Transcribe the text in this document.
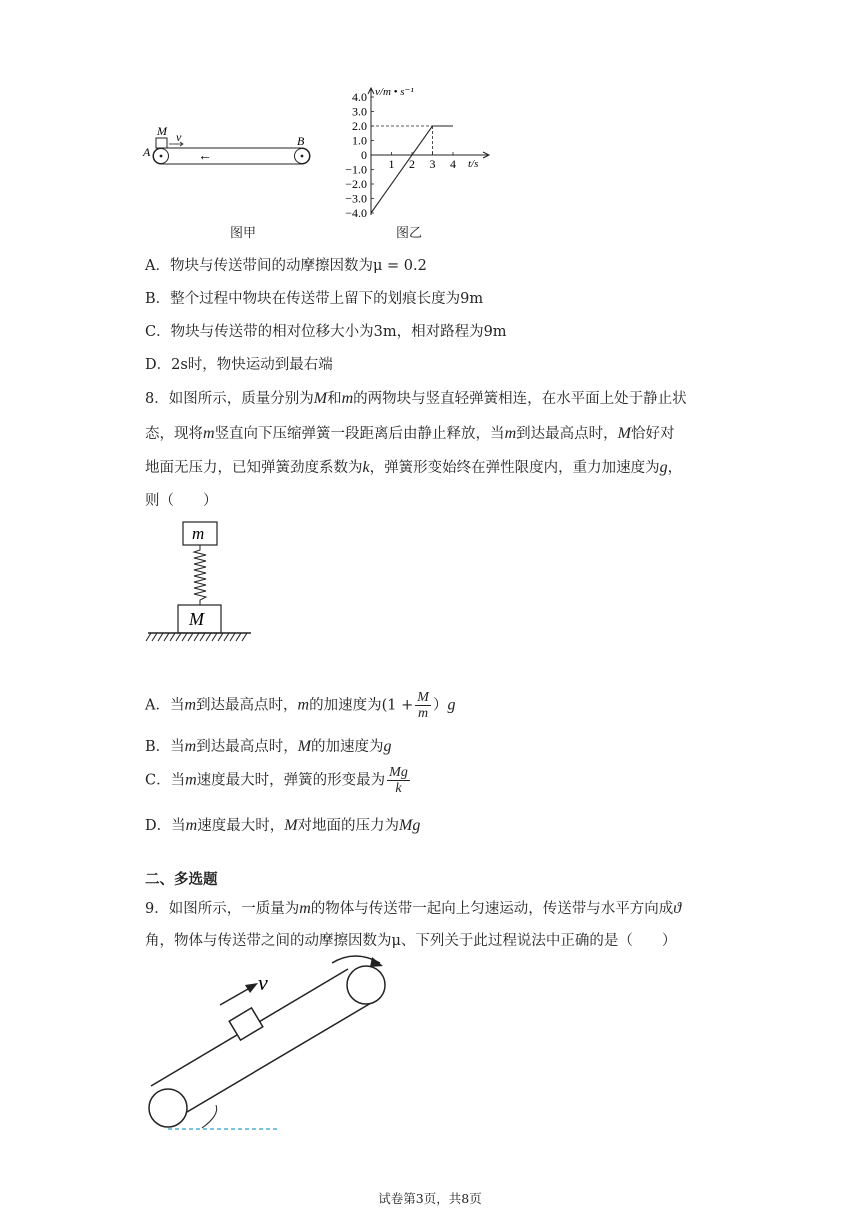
M v
A
B
←
图甲
v/m • s⁻¹
t/s
4.0
3.0
2.0
1.0
0
−1.0
−2.0
−3.0
−4.0
1 2 3 4
图乙
A．物块与传送带间的动摩擦因数为μ = 0.2
B．整个过程中物块在传送带上留下的划痕长度为9m
C．物块与传送带的相对位移大小为3m，相对路程为9m
D．2s时，物快运动到最右端
8．如图所示，质量分别为M和m的两物块与竖直轻弹簧相连，在水平面上处于静止状
态，现将m竖直向下压缩弹簧一段距离后由静止释放，当m到达最高点时，M恰好对
地面无压力，已知弹簧劲度系数为k，弹簧形变始终在弹性限度内，重力加速度为g，
则（　　）
m
M
A．当m到达最高点时，m的加速度为$(1 + \frac{M}{m} )g$
B．当m到达最高点时，M的加速度为g
C．当m速度最大时，弹簧的形变最为 $\frac{Mg}{k}$
D．当m速度最大时，M对地面的压力为Mg
二、多选题
9．如图所示，一质量为m的物体与传送带一起向上匀速运动，传送带与水平方向成ϑ
角，物体与传送带之间的动摩擦因数为μ、下列关于此过程说法中正确的是（　　）
v
试卷第3页，共8页
